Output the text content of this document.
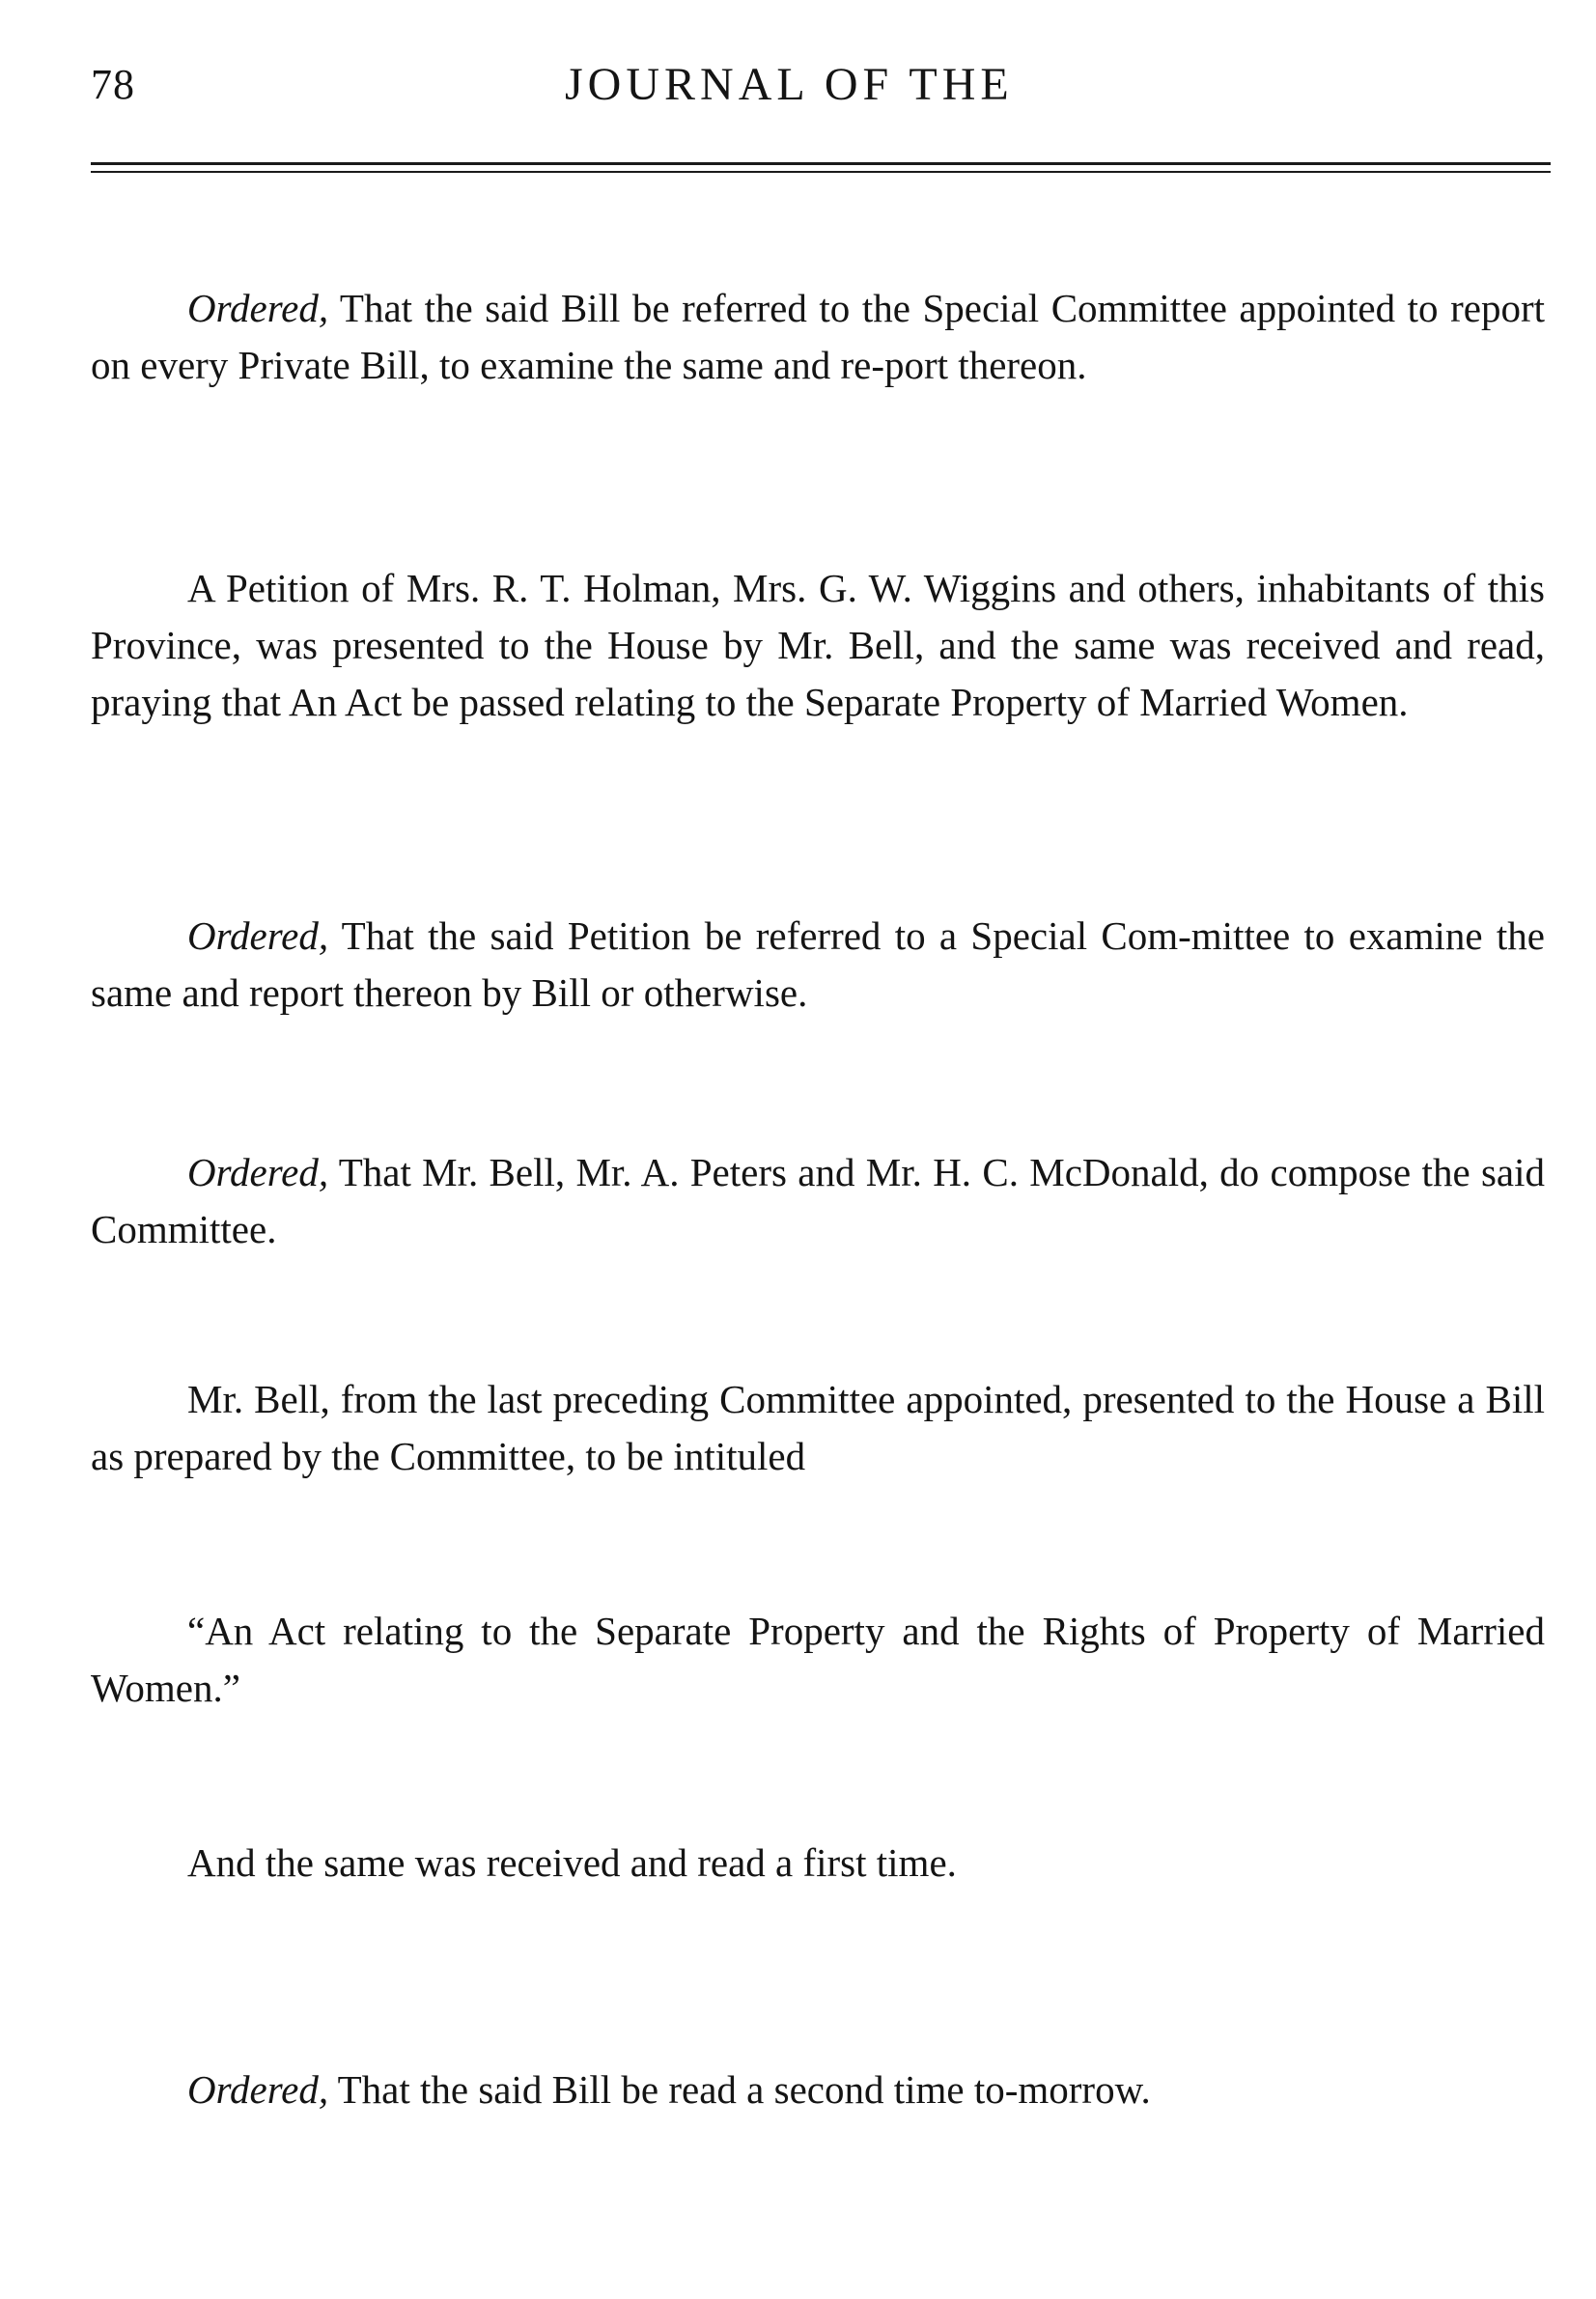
78	JOURNAL OF THE

Ordered, That the said Bill be referred to the Special Committee appointed to report on every Private Bill, to examine the same and re-port thereon.

A Petition of Mrs. R. T. Holman, Mrs. G. W. Wiggins and others, inhabitants of this Province, was presented to the House by Mr. Bell, and the same was received and read, praying that An Act be passed relating to the Separate Property of Married Women.

Ordered, That the said Petition be referred to a Special Com-mittee to examine the same and report thereon by Bill or otherwise.

Ordered, That Mr. Bell, Mr. A. Peters and Mr. H. C. McDonald, do compose the said Committee.

Mr. Bell, from the last preceding Committee appointed, presented to the House a Bill as prepared by the Committee, to be intituled

“An Act relating to the Separate Property and the Rights of Property of Married Women.”

And the same was received and read a first time.

Ordered, That the said Bill be read a second time to-morrow.
